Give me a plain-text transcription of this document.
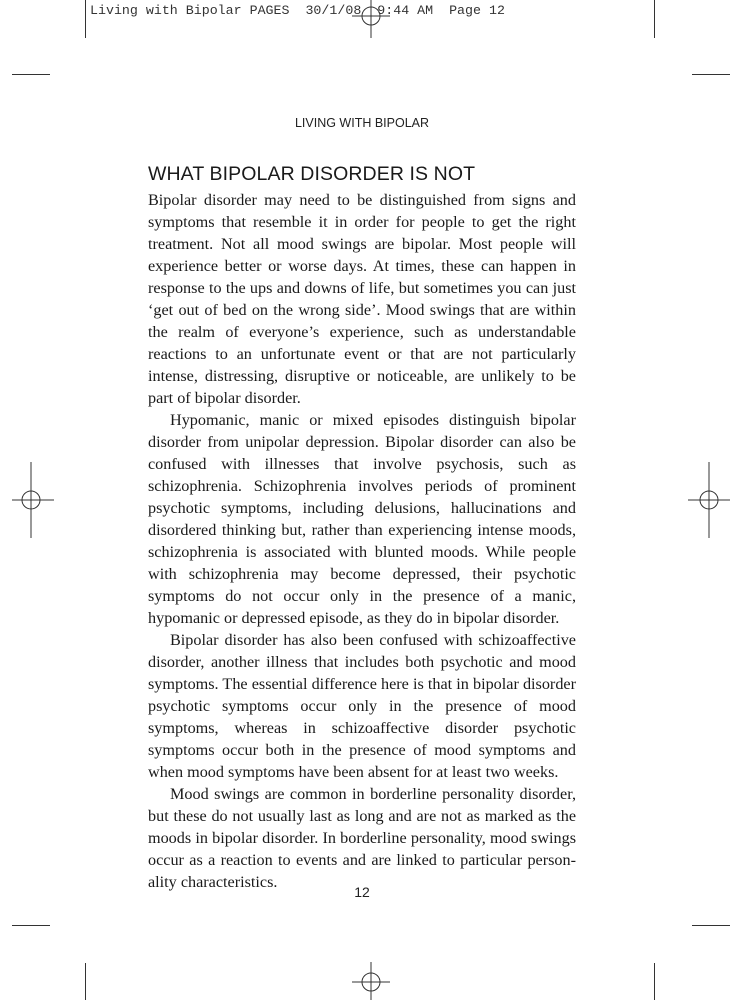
Living with Bipolar PAGES  30/1/08  9:44 AM  Page 12
LIVING WITH BIPOLAR
WHAT BIPOLAR DISORDER IS NOT

Bipolar disorder may need to be distinguished from signs and symptoms that resemble it in order for people to get the right treatment. Not all mood swings are bipolar. Most people will experience better or worse days. At times, these can happen in response to the ups and downs of life, but sometimes you can just ‘get out of bed on the wrong side’. Mood swings that are within the realm of everyone’s experience, such as understandable reactions to an unfortunate event or that are not particularly intense, distressing, disruptive or noticeable, are unlikely to be part of bipolar disorder.

Hypomanic, manic or mixed episodes distinguish bipolar disorder from unipolar depression. Bipolar disorder can also be confused with illnesses that involve psychosis, such as schizophrenia. Schizophrenia involves periods of prominent psychotic symptoms, including delusions, hallucinations and disordered thinking but, rather than experiencing intense moods, schizophrenia is associated with blunted moods. While people with schizophrenia may become depressed, their psychotic symptoms do not occur only in the presence of a manic, hypomanic or depressed episode, as they do in bipolar disorder.

Bipolar disorder has also been confused with schizoaffective disorder, another illness that includes both psychotic and mood symptoms. The essential difference here is that in bipolar disorder psychotic symptoms occur only in the presence of mood symptoms, whereas in schizoaffective disorder psychotic symptoms occur both in the presence of mood symptoms and when mood symptoms have been absent for at least two weeks.

Mood swings are common in borderline personality disorder, but these do not usually last as long and are not as marked as the moods in bipolar disorder. In borderline personality, mood swings occur as a reaction to events and are linked to particular personality characteristics.

12
